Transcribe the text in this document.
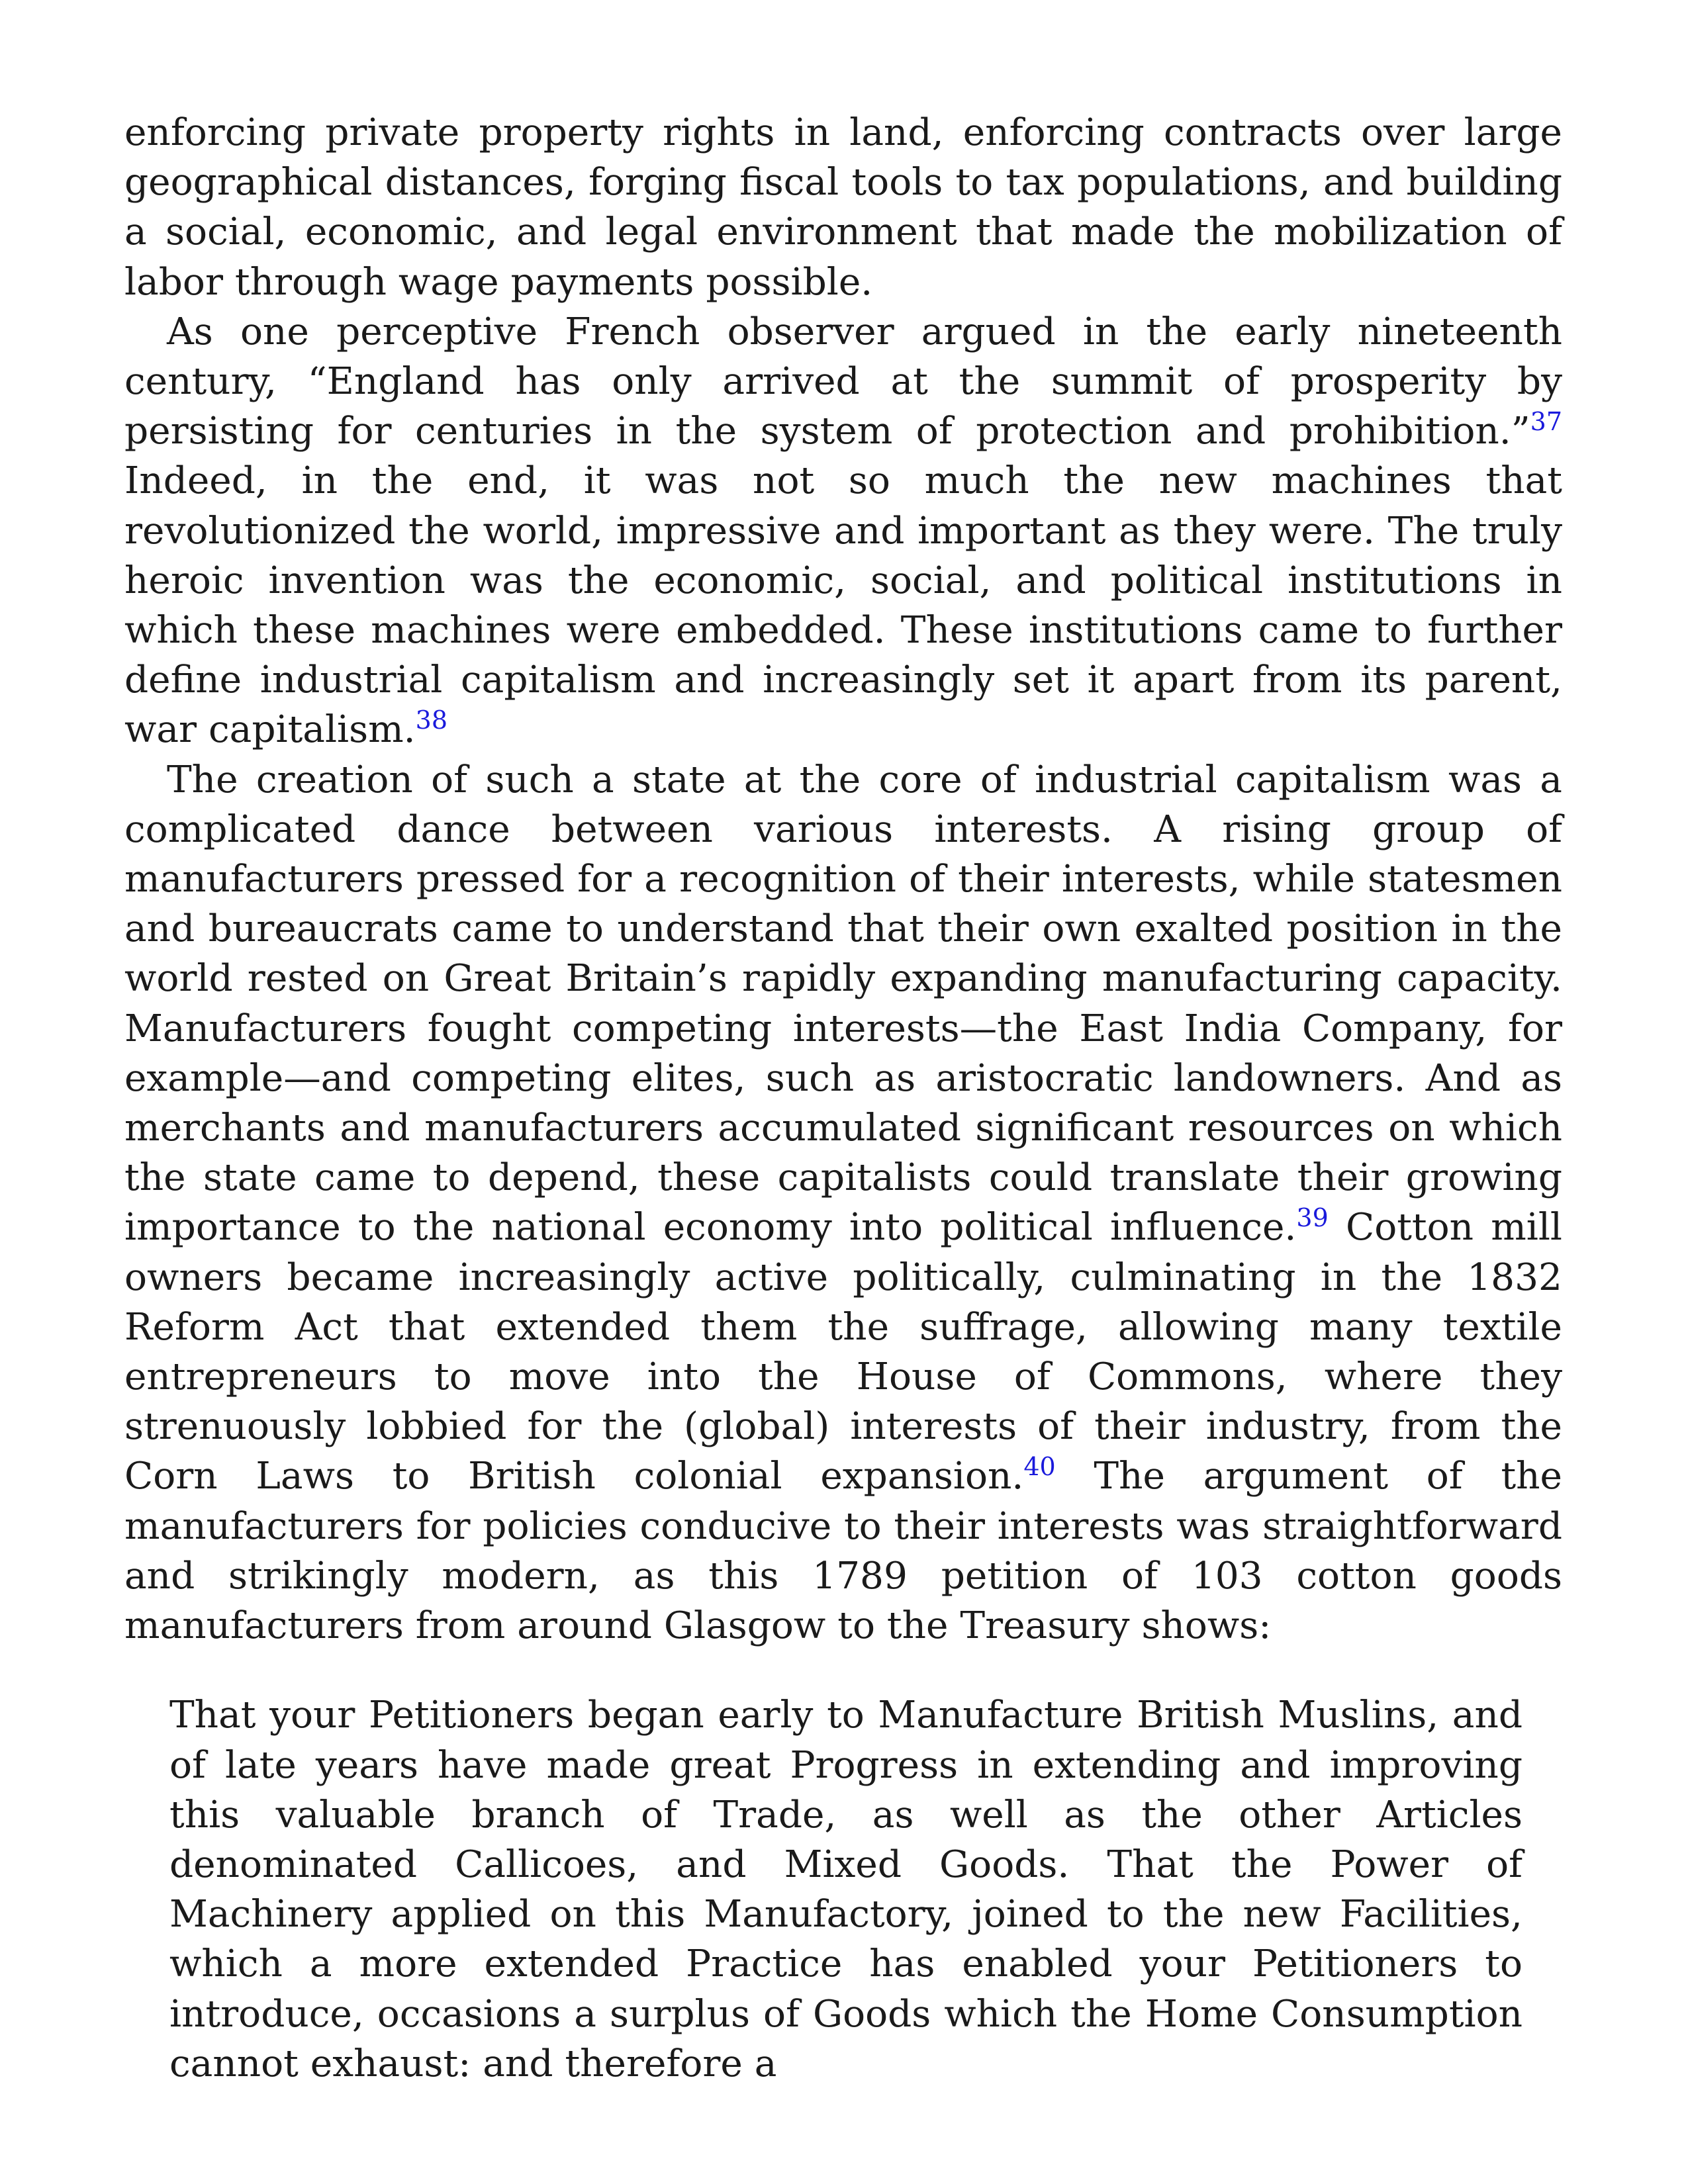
enforcing private property rights in land, enforcing contracts over large geographical distances, forging fiscal tools to tax populations, and building a social, economic, and legal environment that made the mobilization of labor through wage payments possible.

As one perceptive French observer argued in the early nineteenth century, “England has only arrived at the summit of prosperity by persisting for centuries in the system of protection and prohibition.”$^{37}$ Indeed, in the end, it was not so much the new machines that revolutionized the world, impressive and important as they were. The truly heroic invention was the economic, social, and political institutions in which these machines were embedded. These institutions came to further define industrial capitalism and increasingly set it apart from its parent, war capitalism.$^{38}$

The creation of such a state at the core of industrial capitalism was a complicated dance between various interests. A rising group of manufacturers pressed for a recognition of their interests, while statesmen and bureaucrats came to understand that their own exalted position in the world rested on Great Britain’s rapidly expanding manufacturing capacity. Manufacturers fought competing interests—the East India Company, for example—and competing elites, such as aristocratic landowners. And as merchants and manufacturers accumulated significant resources on which the state came to depend, these capitalists could translate their growing importance to the national economy into political influence.$^{39}$ Cotton mill owners became increasingly active politically, culminating in the 1832 Reform Act that extended them the suffrage, allowing many textile entrepreneurs to move into the House of Commons, where they strenuously lobbied for the (global) interests of their industry, from the Corn Laws to British colonial expansion.$^{40}$ The argument of the manufacturers for policies conducive to their interests was straightforward and strikingly modern, as this 1789 petition of 103 cotton goods manufacturers from around Glasgow to the Treasury shows:

That your Petitioners began early to Manufacture British Muslins, and of late years have made great Progress in extending and improving this valuable branch of Trade, as well as the other Articles denominated Callicoes, and Mixed Goods. That the Power of Machinery applied on this Manufactory, joined to the new Facilities, which a more extended Practice has enabled your Petitioners to introduce, occasions a surplus of Goods which the Home Consumption cannot exhaust: and therefore a
